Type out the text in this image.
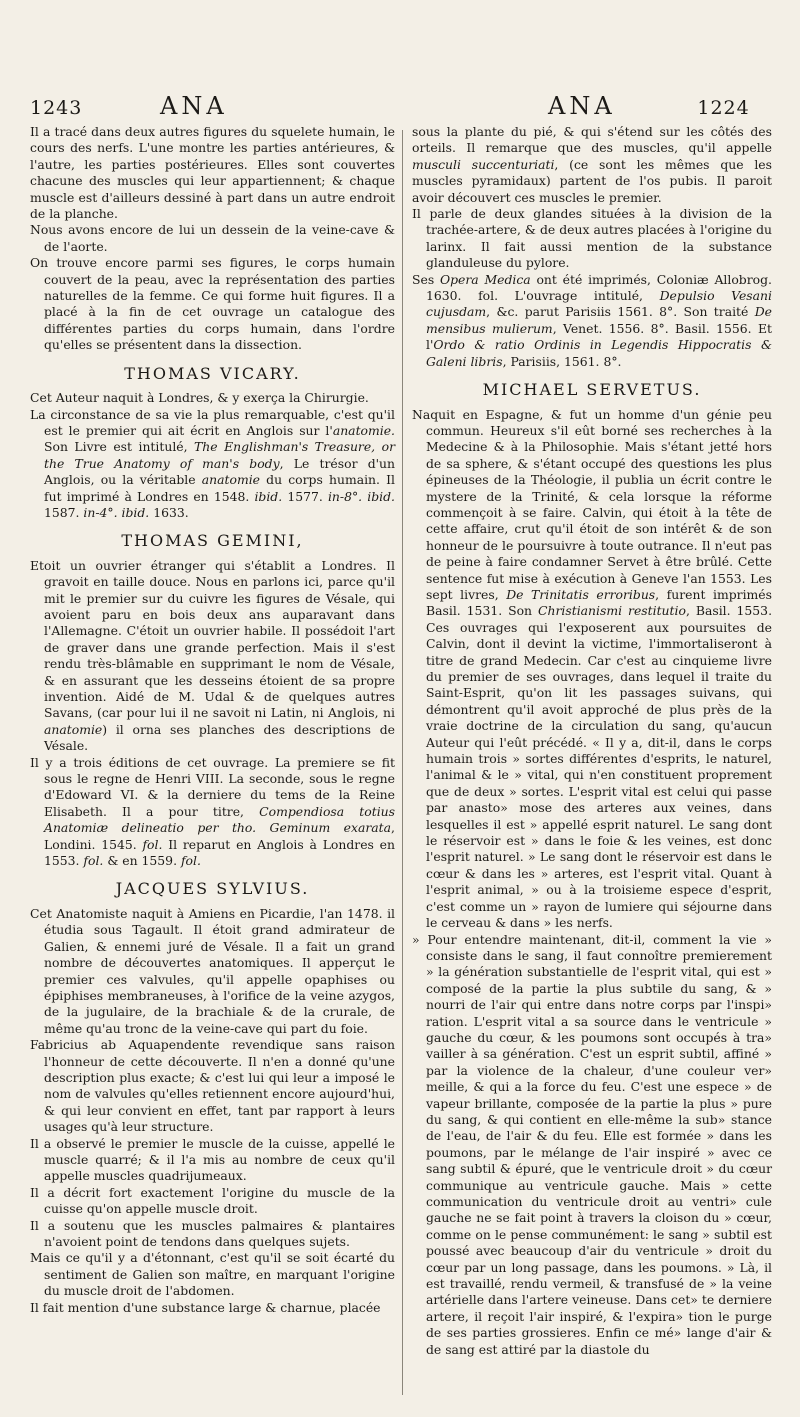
1243	ANA	ANA	1224

Il a tracé dans deux autres figures du squelete humain, le cours des nerfs. L'une montre les parties antérieures, & l'autre, les parties postérieures. Elles sont couvertes chacune des muscles qui leur appartiennent; & chaque muscle est d'ailleurs dessiné à part dans un autre endroit de la planche.

Nous avons encore de lui un dessein de la veine-cave & de l'aorte.

On trouve encore parmi ses figures, le corps humain couvert de la peau, avec la représentation des parties naturelles de la femme. Ce qui forme huit figures. Il a placé à la fin de cet ouvrage un catalogue des différentes parties du corps humain, dans l'ordre qu'elles se présentent dans la dissection.

THOMAS VICARY.

Cet Auteur naquit à Londres, & y exerça la Chirurgie.

La circonstance de sa vie la plus remarquable, c'est qu'il est le premier qui ait écrit en Anglois sur l'anatomie. Son Livre est intitulé, The Englishman's Treasure, or the True Anatomy of man's body, Le trésor d'un Anglois, ou la véritable anatomie du corps humain. Il fut imprimé à Londres en 1548. ibid. 1577. in-8°. ibid. 1587. in-4°. ibid. 1633.

THOMAS GEMINI,

Etoit un ouvrier étranger qui s'établit a Londres. Il gravoit en taille douce. Nous en parlons ici, parce qu'il mit le premier sur du cuivre les figures de Vésale, qui avoient paru en bois deux ans auparavant dans l'Allemagne. C'étoit un ouvrier habile. Il possédoit l'art de graver dans une grande perfection. Mais il s'est rendu très-blâmable en supprimant le nom de Vésale, & en assurant que les desseins étoient de sa propre invention. Aidé de M. Udal & de quelques autres Savans, (car pour lui il ne savoit ni Latin, ni Anglois, ni anatomie) il orna ses planches des descriptions de Vésale.

Il y a trois éditions de cet ouvrage. La premiere se fit sous le regne de Henri VIII. La seconde, sous le regne d'Edoward VI. & la derniere du tems de la Reine Elisabeth. Il a pour titre, Compendiosa totius Anatomiæ delineatio per tho. Geminum exarata, Londini. 1545. fol. Il reparut en Anglois à Londres en 1553. fol. & en 1559. fol.

JACQUES SYLVIUS.

Cet Anatomiste naquit à Amiens en Picardie, l'an 1478. il étudia sous Tagault. Il étoit grand admirateur de Galien, & ennemi juré de Vésale. Il a fait un grand nombre de découvertes anatomiques. Il apperçut le premier ces valvules, qu'il appelle opaphises ou épiphises membraneuses, à l'orifice de la veine azygos, de la jugulaire, de la brachiale & de la crurale, de même qu'au tronc de la veine-cave qui part du foie.

Fabricius ab Aquapendente revendique sans raison l'honneur de cette découverte. Il n'en a donné qu'une description plus exacte; & c'est lui qui leur a imposé le nom de valvules qu'elles retiennent encore aujourd'hui, & qui leur convient en effet, tant par rapport à leurs usages qu'à leur structure.

Il a observé le premier le muscle de la cuisse, appellé le muscle quarré; & il l'a mis au nombre de ceux qu'il appelle muscles quadrijumeaux.

Il a décrit fort exactement l'origine du muscle de la cuisse qu'on appelle muscle droit.

Il a soutenu que les muscles palmaires & plantaires n'avoient point de tendons dans quelques sujets.

Mais ce qu'il y a d'étonnant, c'est qu'il se soit écarté du sentiment de Galien son maître, en marquant l'origine du muscle droit de l'abdomen.

Il fait mention d'une substance large & charnue, placée

sous la plante du pié, & qui s'étend sur les côtés des orteils. Il remarque que des muscles, qu'il appelle musculi succenturiati, (ce sont les mêmes que les muscles pyramidaux) partent de l'os pubis. Il paroit avoir découvert ces muscles le premier.

Il parle de deux glandes situées à la division de la trachée-artere, & de deux autres placées à l'origine du larinx. Il fait aussi mention de la substance glanduleuse du pylore.

Ses Opera Medica ont été imprimés, Coloniæ Allobrog. 1630. fol. L'ouvrage intitulé, Depulsio Vesani cujusdam, &c. parut Parisiis 1561. 8°. Son traité De mensibus mulierum, Venet. 1556. 8°. Basil. 1556. Et l'Ordo & ratio Ordinis in Legendis Hippocratis & Galeni libris, Parisiis, 1561. 8°.

MICHAEL SERVETUS.

Naquit en Espagne, & fut un homme d'un génie peu commun. Heureux s'il eût borné ses recherches à la Medecine & à la Philosophie. Mais s'étant jetté hors de sa sphere, & s'étant occupé des questions les plus épineuses de la Théologie, il publia un écrit contre le mystere de la Trinité, & cela lorsque la réforme commençoit à se faire. Calvin, qui étoit à la tête de cette affaire, crut qu'il étoit de son intérêt & de son honneur de le poursuivre à toute outrance. Il n'eut pas de peine à faire condamner Servet à être brûlé. Cette sentence fut mise à exécution à Geneve l'an 1553. Les sept livres, De Trinitatis erroribus, furent imprimés Basil. 1531. Son Christianismi restitutio, Basil. 1553. Ces ouvrages qui l'exposerent aux poursuites de Calvin, dont il devint la victime, l'immortaliseront à titre de grand Medecin. Car c'est au cinquieme livre du premier de ses ouvrages, dans lequel il traite du Saint-Esprit, qu'on lit les passages suivans, qui démontrent qu'il avoit approché de plus près de la vraie doctrine de la circulation du sang, qu'aucun Auteur qui l'eût précédé. « Il y a, dit-il, dans le corps humain trois » sortes différentes d'esprits, le naturel, l'animal & le » vital, qui n'en constituent proprement que de deux » sortes. L'esprit vital est celui qui passe par anasto» mose des arteres aux veines, dans lesquelles il est » appellé esprit naturel. Le sang dont le réservoir est » dans le foie & les veines, est donc l'esprit naturel. » Le sang dont le réservoir est dans le cœur & dans les » arteres, est l'esprit vital. Quant à l'esprit animal, » ou à la troisieme espece d'esprit, c'est comme un » rayon de lumiere qui séjourne dans le cerveau & dans » les nerfs.

» Pour entendre maintenant, dit-il, comment la vie » consiste dans le sang, il faut connoître premierement » la génération substantielle de l'esprit vital, qui est » composé de la partie la plus subtile du sang, & » nourri de l'air qui entre dans notre corps par l'inspi» ration. L'esprit vital a sa source dans le ventricule » gauche du cœur, & les poumons sont occupés à tra» vailler à sa génération. C'est un esprit subtil, affiné » par la violence de la chaleur, d'une couleur ver» meille, & qui a la force du feu. C'est une espece » de vapeur brillante, composée de la partie la plus » pure du sang, & qui contient en elle-même la sub» stance de l'eau, de l'air & du feu. Elle est formée » dans les poumons, par le mélange de l'air inspiré » avec ce sang subtil & épuré, que le ventricule droit » du cœur communique au ventricule gauche. Mais » cette communication du ventricule droit au ventri» cule gauche ne se fait point à travers la cloison du » cœur, comme on le pense communément: le sang » subtil est poussé avec beaucoup d'air du ventricule » droit du cœur par un long passage, dans les poumons. » Là, il est travaillé, rendu vermeil, & transfusé de » la veine artérielle dans l'artere veineuse. Dans cet» te derniere artere, il reçoit l'air inspiré, & l'expira» tion le purge de ses parties grossieres. Enfin ce mé» lange d'air & de sang est attiré par la diastole du
